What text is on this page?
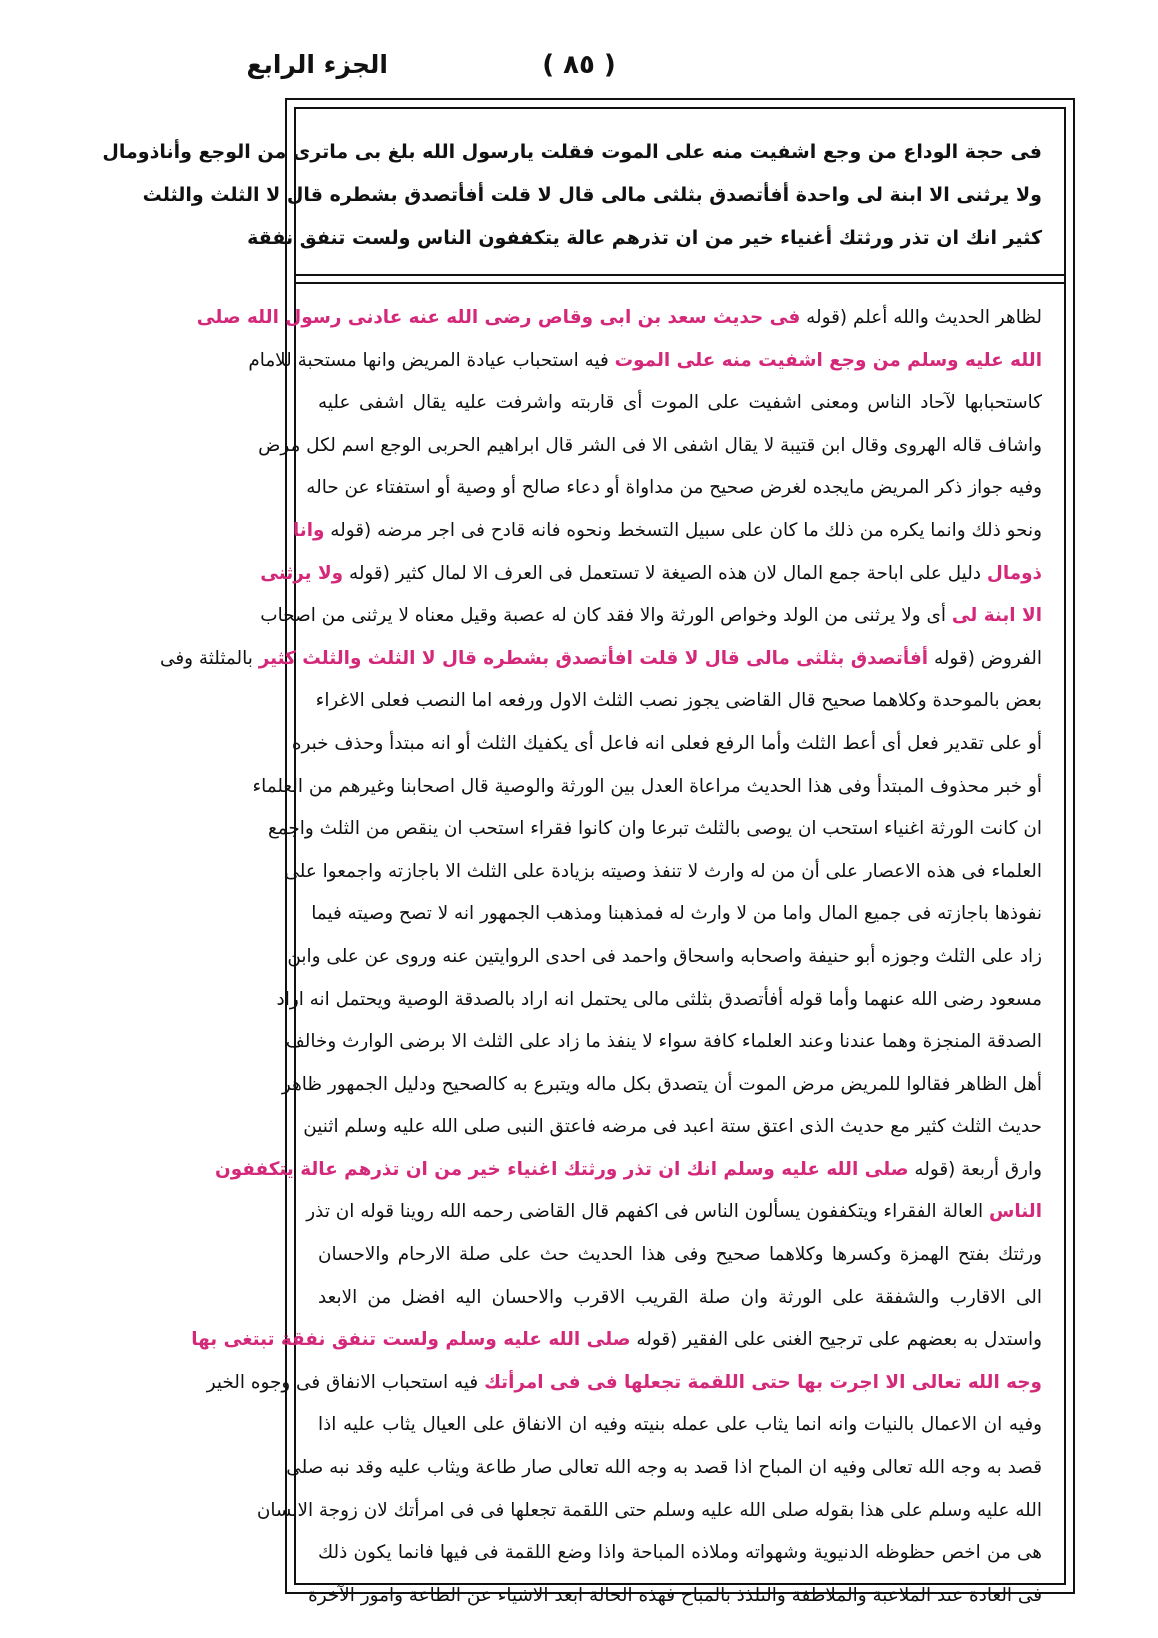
( ٨٥ )
الجزء الرابع
فى حجة الوداع من وجع اشفيت منه على الموت فقلت يارسول الله بلغ بى ماترى من الوجع وأناذومال
ولا يرثنى الا ابنة لى واحدة أفأتصدق بثلثى مالى قال لا قلت أفأتصدق بشطره قال لا الثلث والثلث
كثير انك ان تذر ورثتك أغنياء خير من ان تذرهم عالة يتكففون الناس ولست تنفق نفقة
لظاهر الحديث والله أعلم (قوله فى حديث سعد بن ابى وقاص رضى الله عنه عادنى رسول الله صلى
الله عليه وسلم من وجع اشفيت منه على الموت فيه استحباب عيادة المريض وانها مستحبة للامام
كاستحبابها لآحاد الناس ومعنى اشفيت على الموت أى قاربته واشرفت عليه يقال اشفى عليه
واشاف قاله الهروى وقال ابن قتيبة لا يقال اشفى الا فى الشر قال ابراهيم الحربى الوجع اسم لكل مرض
وفيه جواز ذكر المريض مايجده لغرض صحيح من مداواة أو دعاء صالح أو وصية أو استفتاء عن حاله
ونحو ذلك وانما يكره من ذلك ما كان على سبيل التسخط ونحوه فانه قادح فى اجر مرضه (قوله وانا
ذومال دليل على اباحة جمع المال لان هذه الصيغة لا تستعمل فى العرف الا لمال كثير (قوله ولا يرثنى
الا ابنة لى أى ولا يرثنى من الولد وخواص الورثة والا فقد كان له عصبة وقيل معناه لا يرثنى من اصحاب
الفروض (قوله أفأتصدق بثلثى مالى قال لا قلت افأتصدق بشطره قال لا الثلث والثلث كثير بالمثلثة وفى
بعض بالموحدة وكلاهما صحيح قال القاضى يجوز نصب الثلث الاول ورفعه اما النصب فعلى الاغراء
أو على تقدير فعل أى أعط الثلث وأما الرفع فعلى انه فاعل أى يكفيك الثلث أو انه مبتدأ وحذف خبره
أو خبر محذوف المبتدأ وفى هذا الحديث مراعاة العدل بين الورثة والوصية قال اصحابنا وغيرهم من العلماء
ان كانت الورثة اغنياء استحب ان يوصى بالثلث تبرعا وان كانوا فقراء استحب ان ينقص من الثلث واجمع
العلماء فى هذه الاعصار على أن من له وارث لا تنفذ وصيته بزيادة على الثلث الا باجازته واجمعوا على
نفوذها باجازته فى جميع المال واما من لا وارث له فمذهبنا ومذهب الجمهور انه لا تصح وصيته فيما
زاد على الثلث وجوزه أبو حنيفة واصحابه واسحاق واحمد فى احدى الروايتين عنه وروى عن على وابن
مسعود رضى الله عنهما وأما قوله أفأتصدق بثلثى مالى يحتمل انه اراد بالصدقة الوصية ويحتمل انه اراد
الصدقة المنجزة وهما عندنا وعند العلماء كافة سواء لا ينفذ ما زاد على الثلث الا برضى الوارث وخالف
أهل الظاهر فقالوا للمريض مرض الموت أن يتصدق بكل ماله ويتبرع به كالصحيح ودليل الجمهور ظاهر
حديث الثلث كثير مع حديث الذى اعتق ستة اعبد فى مرضه فاعتق النبى صلى الله عليه وسلم اثنين
وارق أربعة (قوله صلى الله عليه وسلم انك ان تذر ورثتك اغنياء خير من ان تذرهم عالة يتكففون
الناس العالة الفقراء ويتكففون يسألون الناس فى اكفهم قال القاضى رحمه الله روينا قوله ان تذر
ورثتك بفتح الهمزة وكسرها وكلاهما صحيح وفى هذا الحديث حث على صلة الارحام والاحسان
الى الاقارب والشفقة على الورثة وان صلة القريب الاقرب والاحسان اليه افضل من الابعد
واستدل به بعضهم على ترجيح الغنى على الفقير (قوله صلى الله عليه وسلم ولست تنفق نفقة تبتغى بها
وجه الله تعالى الا اجرت بها حتى اللقمة تجعلها فى فى امرأتك فيه استحباب الانفاق فى وجوه الخير
وفيه ان الاعمال بالنيات وانه انما يثاب على عمله بنيته وفيه ان الانفاق على العيال يثاب عليه اذا
قصد به وجه الله تعالى وفيه ان المباح اذا قصد به وجه الله تعالى صار طاعة ويثاب عليه وقد نبه صلى
الله عليه وسلم على هذا بقوله صلى الله عليه وسلم حتى اللقمة تجعلها فى فى امرأتك لان زوجة الانسان
هى من اخص حظوظه الدنيوية وشهواته وملاذه المباحة واذا وضع اللقمة فى فيها فانما يكون ذلك
فى العادة عند الملاعبة والملاطفة والتلذذ بالمباح فهذه الحالة ابعد الاشياء عن الطاعة وامور الآخرة
